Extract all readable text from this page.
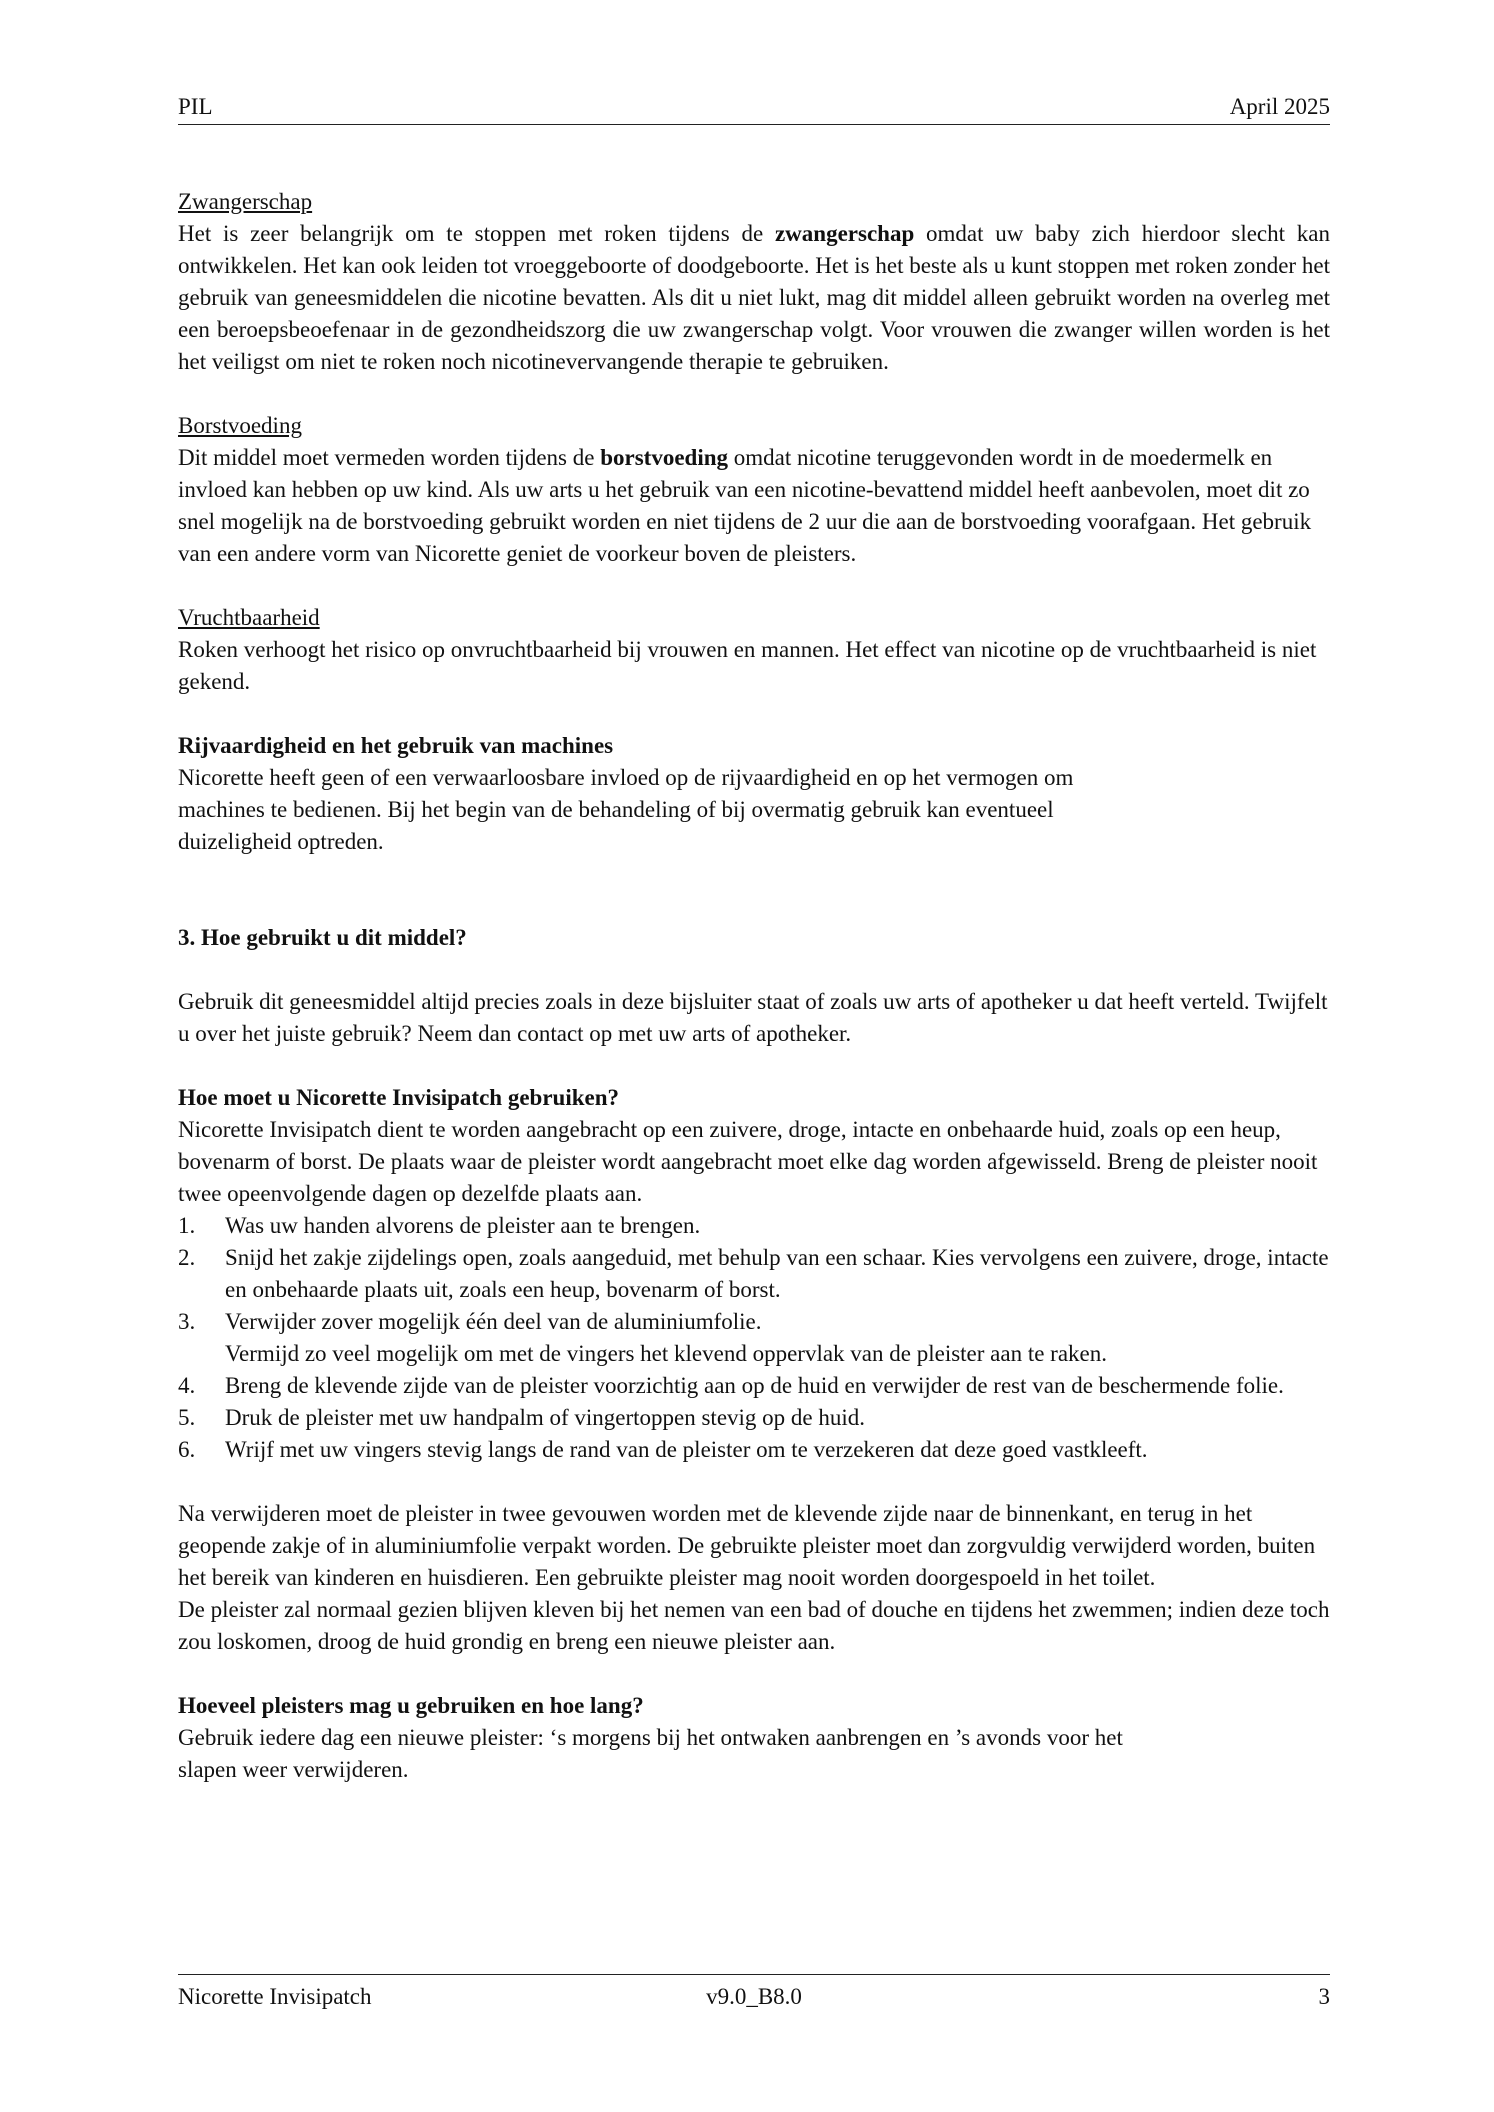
PIL	April 2025

Zwangerschap

Het is zeer belangrijk om te stoppen met roken tijdens de zwangerschap omdat uw baby zich hierdoor slecht kan ontwikkelen. Het kan ook leiden tot vroeggeboorte of doodgeboorte. Het is het beste als u kunt stoppen met roken zonder het gebruik van geneesmiddelen die nicotine bevatten. Als dit u niet lukt, mag dit middel alleen gebruikt worden na overleg met een beroepsbeoefenaar in de gezondheidszorg die uw zwangerschap volgt. Voor vrouwen die zwanger willen worden is het het veiligst om niet te roken noch nicotinevervangende therapie te gebruiken.

Borstvoeding

Dit middel moet vermeden worden tijdens de borstvoeding omdat nicotine teruggevonden wordt in de moedermelk en invloed kan hebben op uw kind. Als uw arts u het gebruik van een nicotine-bevattend middel heeft aanbevolen, moet dit zo snel mogelijk na de borstvoeding gebruikt worden en niet tijdens de 2 uur die aan de borstvoeding voorafgaan. Het gebruik van een andere vorm van Nicorette geniet de voorkeur boven de pleisters.

Vruchtbaarheid

Roken verhoogt het risico op onvruchtbaarheid bij vrouwen en mannen. Het effect van nicotine op de vruchtbaarheid is niet gekend.

Rijvaardigheid en het gebruik van machines

Nicorette heeft geen of een verwaarloosbare invloed op de rijvaardigheid en op het vermogen om

machines te bedienen. Bij het begin van de behandeling of bij overmatig gebruik kan eventueel

duizeligheid optreden.

3. Hoe gebruikt u dit middel?

Gebruik dit geneesmiddel altijd precies zoals in deze bijsluiter staat of zoals uw arts of apotheker u dat heeft verteld. Twijfelt u over het juiste gebruik? Neem dan contact op met uw arts of apotheker.

Hoe moet u Nicorette Invisipatch gebruiken?

Nicorette Invisipatch dient te worden aangebracht op een zuivere, droge, intacte en onbehaarde huid, zoals op een heup, bovenarm of borst. De plaats waar de pleister wordt aangebracht moet elke dag worden afgewisseld. Breng de pleister nooit twee opeenvolgende dagen op dezelfde plaats aan.

1.	Was uw handen alvorens de pleister aan te brengen.
2.	Snijd het zakje zijdelings open, zoals aangeduid, met behulp van een schaar. Kies vervolgens een zuivere, droge, intacte en onbehaarde plaats uit, zoals een heup, bovenarm of borst.
3.	Verwijder zover mogelijk één deel van de aluminiumfolie.
Vermijd zo veel mogelijk om met de vingers het klevend oppervlak van de pleister aan te raken.
4.	Breng de klevende zijde van de pleister voorzichtig aan op de huid en verwijder de rest van de beschermende folie.
5.	Druk de pleister met uw handpalm of vingertoppen stevig op de huid.
6.	Wrijf met uw vingers stevig langs de rand van de pleister om te verzekeren dat deze goed vastkleeft.

Na verwijderen moet de pleister in twee gevouwen worden met de klevende zijde naar de binnenkant, en terug in het geopende zakje of in aluminiumfolie verpakt worden. De gebruikte pleister moet dan zorgvuldig verwijderd worden, buiten het bereik van kinderen en huisdieren. Een gebruikte pleister mag nooit worden doorgespoeld in het toilet.

De pleister zal normaal gezien blijven kleven bij het nemen van een bad of douche en tijdens het zwemmen; indien deze toch zou loskomen, droog de huid grondig en breng een nieuwe pleister aan.

Hoeveel pleisters mag u gebruiken en hoe lang?

Gebruik iedere dag een nieuwe pleister: ‘s morgens bij het ontwaken aanbrengen en ’s avonds voor het

slapen weer verwijderen.

Nicorette Invisipatch	v9.0_B8.0	3
